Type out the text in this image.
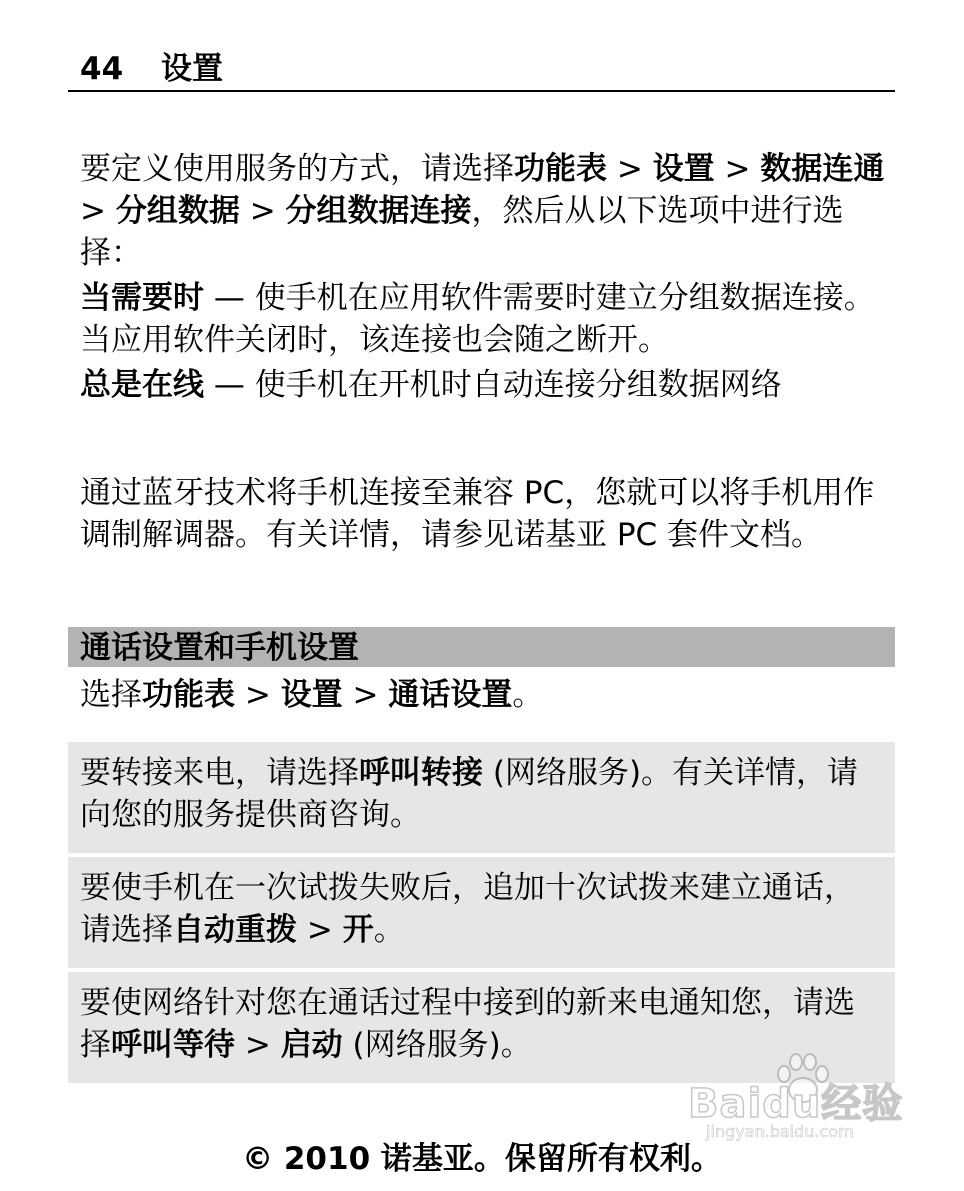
44 设置

要定义使用服务的方式，请选择功能表 > 设置 > 数据连通 > 分组数据 > 分组数据连接，然后从以下选项中进行选择：

当需要时 — 使手机在应用软件需要时建立分组数据连接。当应用软件关闭时，该连接也会随之断开。

总是在线 — 使手机在开机时自动连接分组数据网络

通过蓝牙技术将手机连接至兼容 PC，您就可以将手机用作调制解调器。有关详情，请参见诺基亚 PC 套件文档。

通话设置和手机设置

选择功能表 > 设置 > 通话设置。

要转接来电，请选择呼叫转接 (网络服务)。有关详情，请向您的服务提供商咨询。
要使手机在一次试拨失败后，追加十次试拨来建立通话，请选择自动重拨 > 开。
要使网络针对您在通话过程中接到的新来电通知您，请选择呼叫等待 > 启动 (网络服务)。
Baidu经验
jingyan.baidu.com
© 2010 诺基亚。保留所有权利。
